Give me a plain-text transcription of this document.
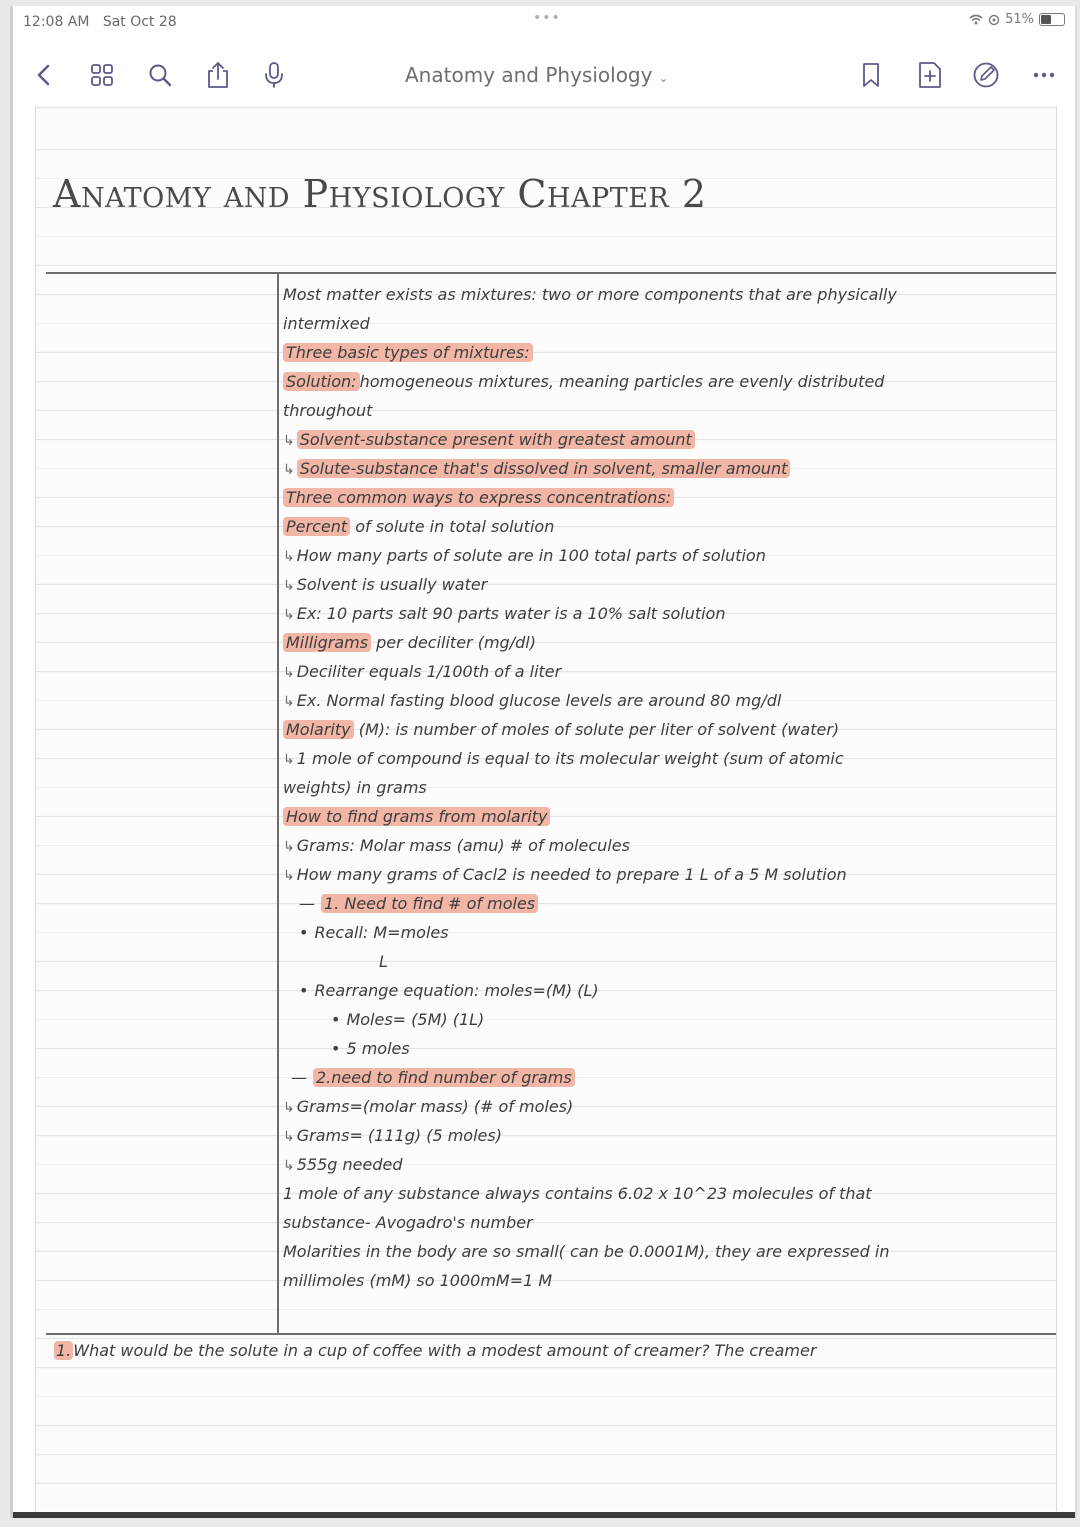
12:08 AM Sat Oct 28	•••	51%
Anatomy and Physiology ⌄
Anatomy and Physiology Chapter 2
Most matter exists as mixtures: two or more components that are physically
intermixed
Three basic types of mixtures:
Solution: homogeneous mixtures, meaning particles are evenly distributed
throughout
↳ Solvent-substance present with greatest amount
↳ Solute-substance that's dissolved in solvent, smaller amount
Three common ways to express concentrations:
Percent of solute in total solution
↳ How many parts of solute are in 100 total parts of solution
↳ Solvent is usually water
↳ Ex: 10 parts salt 90 parts water is a 10% salt solution
Milligrams per deciliter (mg/dl)
↳ Deciliter equals 1/100th of a liter
↳ Ex. Normal fasting blood glucose levels are around 80 mg/dl
Molarity (M): is number of moles of solute per liter of solvent (water)
↳ 1 mole of compound is equal to its molecular weight (sum of atomic
weights) in grams
How to find grams from molarity
↳ Grams: Molar mass (amu) # of molecules
↳ How many grams of Cacl2 is needed to prepare 1 L of a 5 M solution
— 1. Need to find # of moles
• Recall: M=moles
L
• Rearrange equation: moles=(M) (L)
• Moles= (5M) (1L)
• 5 moles
— 2.need to find number of grams
↳ Grams=(molar mass) (# of moles)
↳ Grams= (111g) (5 moles)
↳ 555g needed
1 mole of any substance always contains 6.02 x 10^23 molecules of that
substance- Avogadro's number
Molarities in the body are so small( can be 0.0001M), they are expressed in
millimoles (mM) so 1000mM=1 M
1. What would be the solute in a cup of coffee with a modest amount of creamer? The creamer
